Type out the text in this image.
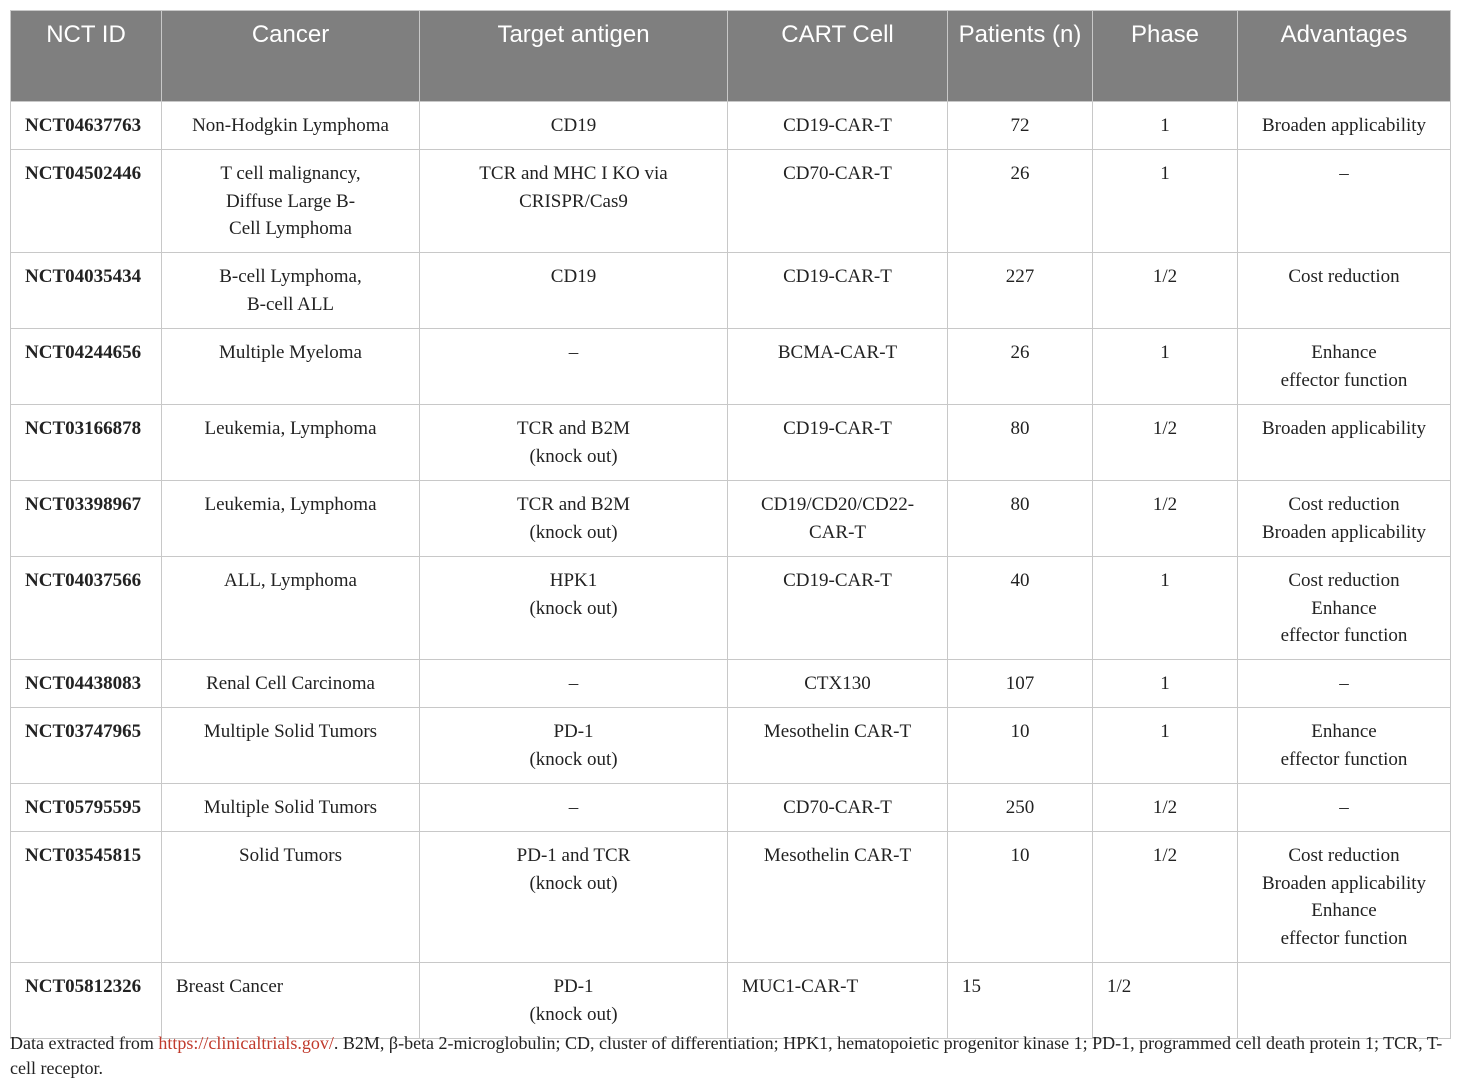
NCT ID	Cancer	Target antigen	CART Cell	Patients (n)	Phase	Advantages
NCT04637763	Non-Hodgkin Lymphoma	CD19	CD19-CAR-T	72	1	Broaden applicability

NCT04502446	T cell malignancy,
Diffuse Large B-
Cell Lymphoma	TCR and MHC I KO via
CRISPR/Cas9	CD70-CAR-T	26	1	–

NCT04035434	B-cell Lymphoma,
B-cell ALL	CD19	CD19-CAR-T	227	1/2	Cost reduction

NCT04244656	Multiple Myeloma	–	BCMA-CAR-T	26	1	Enhance
effector function

NCT03166878	Leukemia, Lymphoma	TCR and B2M
(knock out)	CD19-CAR-T	80	1/2	Broaden applicability

NCT03398967	Leukemia, Lymphoma	TCR and B2M
(knock out)	CD19/CD20/CD22-
CAR-T	80	1/2	Cost reduction
Broaden applicability

NCT04037566	ALL, Lymphoma	HPK1
(knock out)	CD19-CAR-T	40	1	Cost reduction
Enhance
effector function

NCT04438083	Renal Cell Carcinoma	–	CTX130	107	1	–

NCT03747965	Multiple Solid Tumors	PD-1
(knock out)	Mesothelin CAR-T	10	1	Enhance
effector function

NCT05795595	Multiple Solid Tumors	–	CD70-CAR-T	250	1/2	–

NCT03545815	Solid Tumors	PD-1 and TCR
(knock out)	Mesothelin CAR-T	10	1/2	Cost reduction
Broaden applicability
Enhance
effector function

NCT05812326	Breast Cancer	PD-1
(knock out)	MUC1-CAR-T	15	1/2	
Data extracted from https://clinicaltrials.gov/. B2M, β-beta 2-microglobulin; CD, cluster of differentiation; HPK1, hematopoietic progenitor kinase 1; PD-1, programmed cell death protein 1; TCR, T- cell receptor.
